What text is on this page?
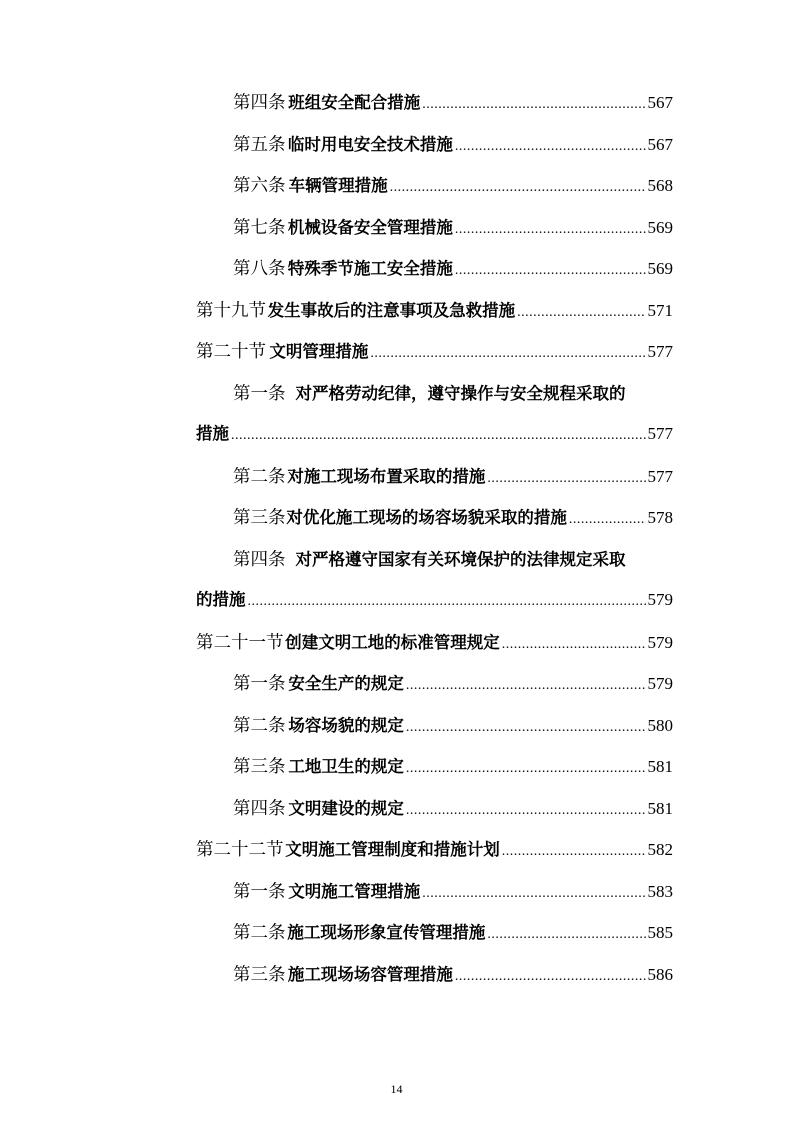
第四条 班组安全配合措施 .....	567
第五条 临时用电安全技术措施 .....	567
第六条 车辆管理措施 .....	568
第七条 机械设备安全管理措施 .....	569
第八条 特殊季节施工安全措施 .....	569
第十九节 发生事故后的注意事项及急救措施 .....	571
第二十节 文明管理措施 .....	577
第一条 对严格劳动纪律，遵守操作与安全规程采取的
措施 .....	577
第二条 对施工现场布置采取的措施 .....	577
第三条 对优化施工现场的场容场貌采取的措施 .....	578
第四条 对严格遵守国家有关环境保护的法律规定采取
的措施 .....	579
第二十一节 创建文明工地的标准管理规定 .....	579
第一条 安全生产的规定 .....	579
第二条 场容场貌的规定 .....	580
第三条 工地卫生的规定 .....	581
第四条 文明建设的规定 .....	581
第二十二节 文明施工管理制度和措施计划 .....	582
第一条 文明施工管理措施 .....	583
第二条 施工现场形象宣传管理措施 .....	585
第三条 施工现场场容管理措施 .....	586
14
